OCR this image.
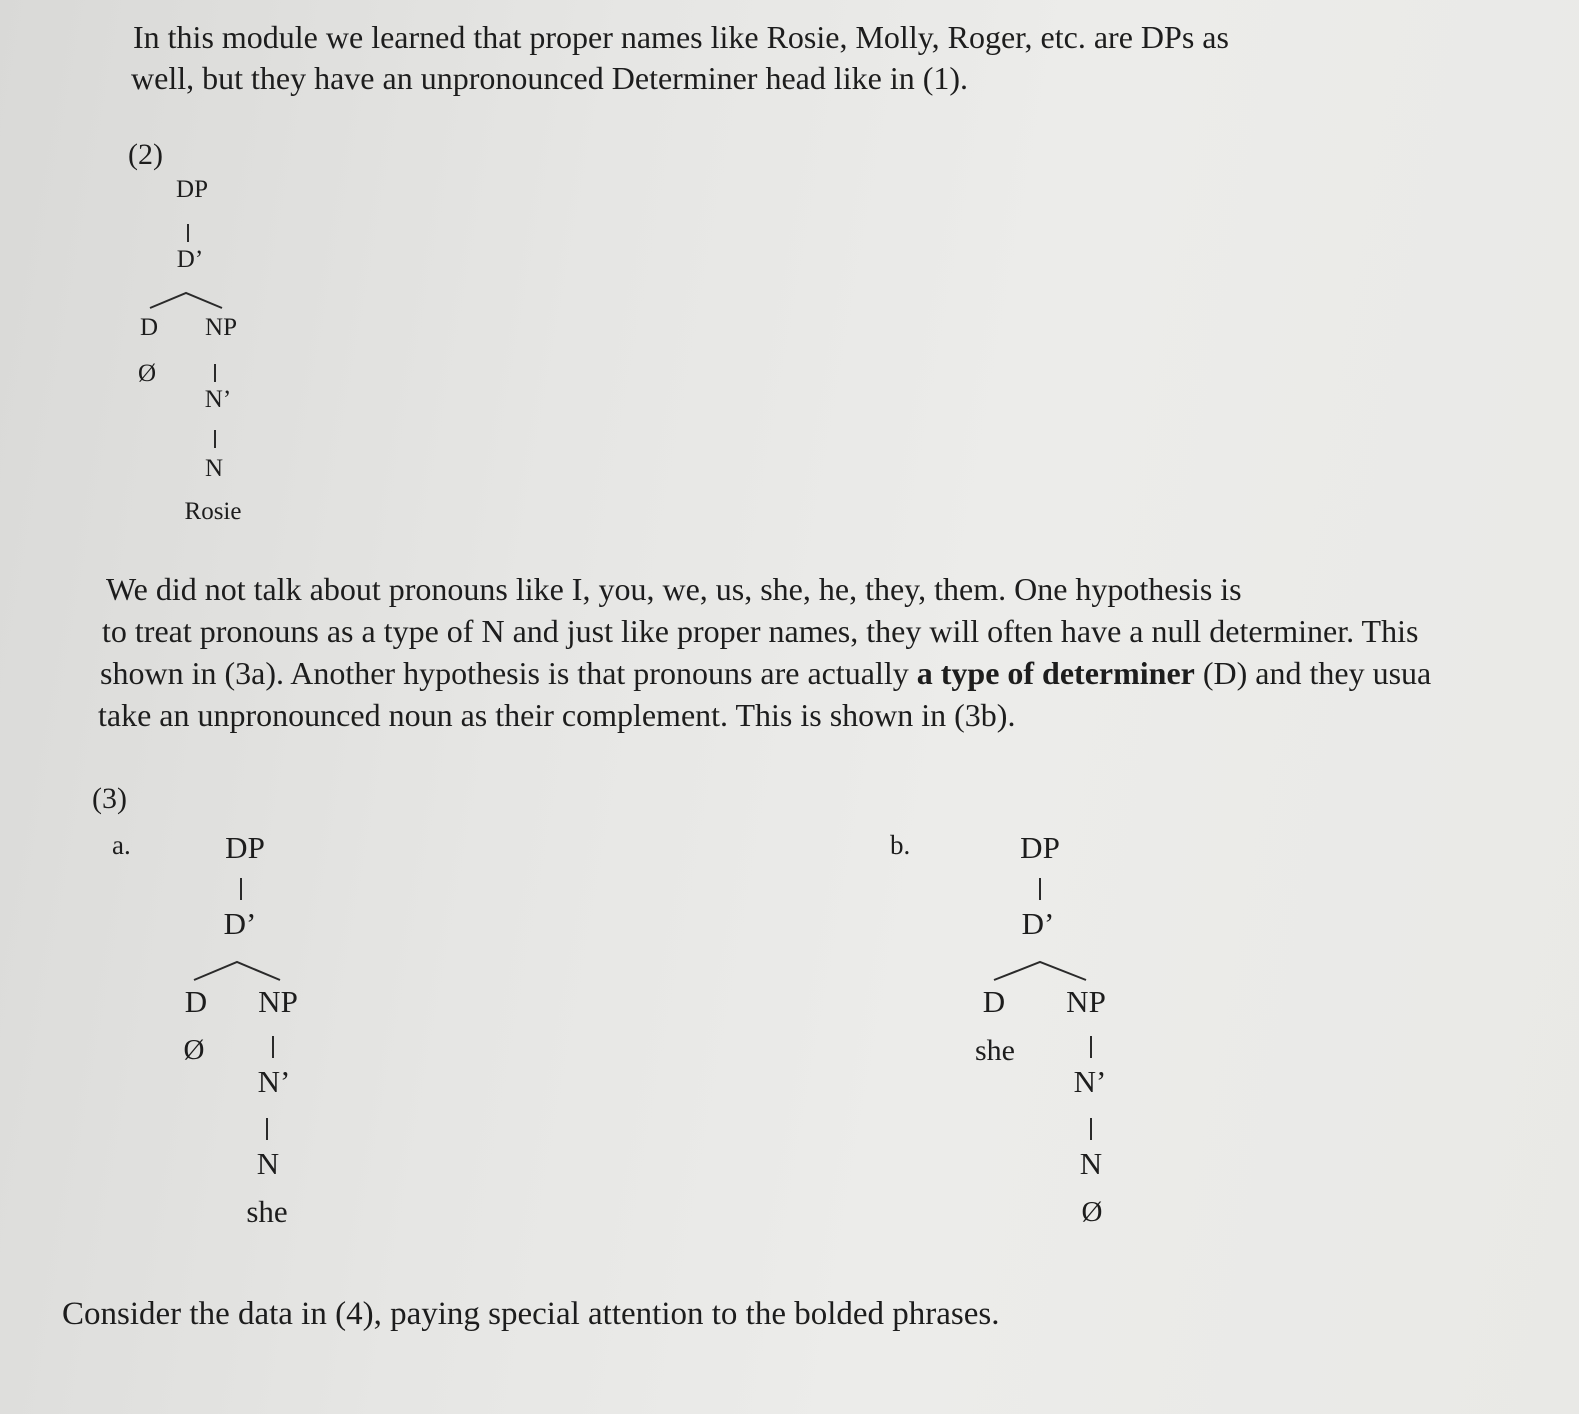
In this module we learned that proper names like Rosie, Molly, Roger, etc. are DPs as
well, but they have an unpronounced Determiner head like in (1).
(2)
DP
D’
D NP
Ø
N’
N
Rosie
We did not talk about pronouns like I, you, we, us, she, he, they, them. One hypothesis is
to treat pronouns as a type of N and just like proper names, they will often have a null determiner. This
shown in (3a). Another hypothesis is that pronouns are actually a type of determiner (D) and they usua
take an unpronounced noun as their complement. This is shown in (3b).
(3)
a.	DP
D’
D NP
Ø
N’
N
she
b.	DP
D’
D NP
she
N’
N
Ø
Consider the data in (4), paying special attention to the bolded phrases.
